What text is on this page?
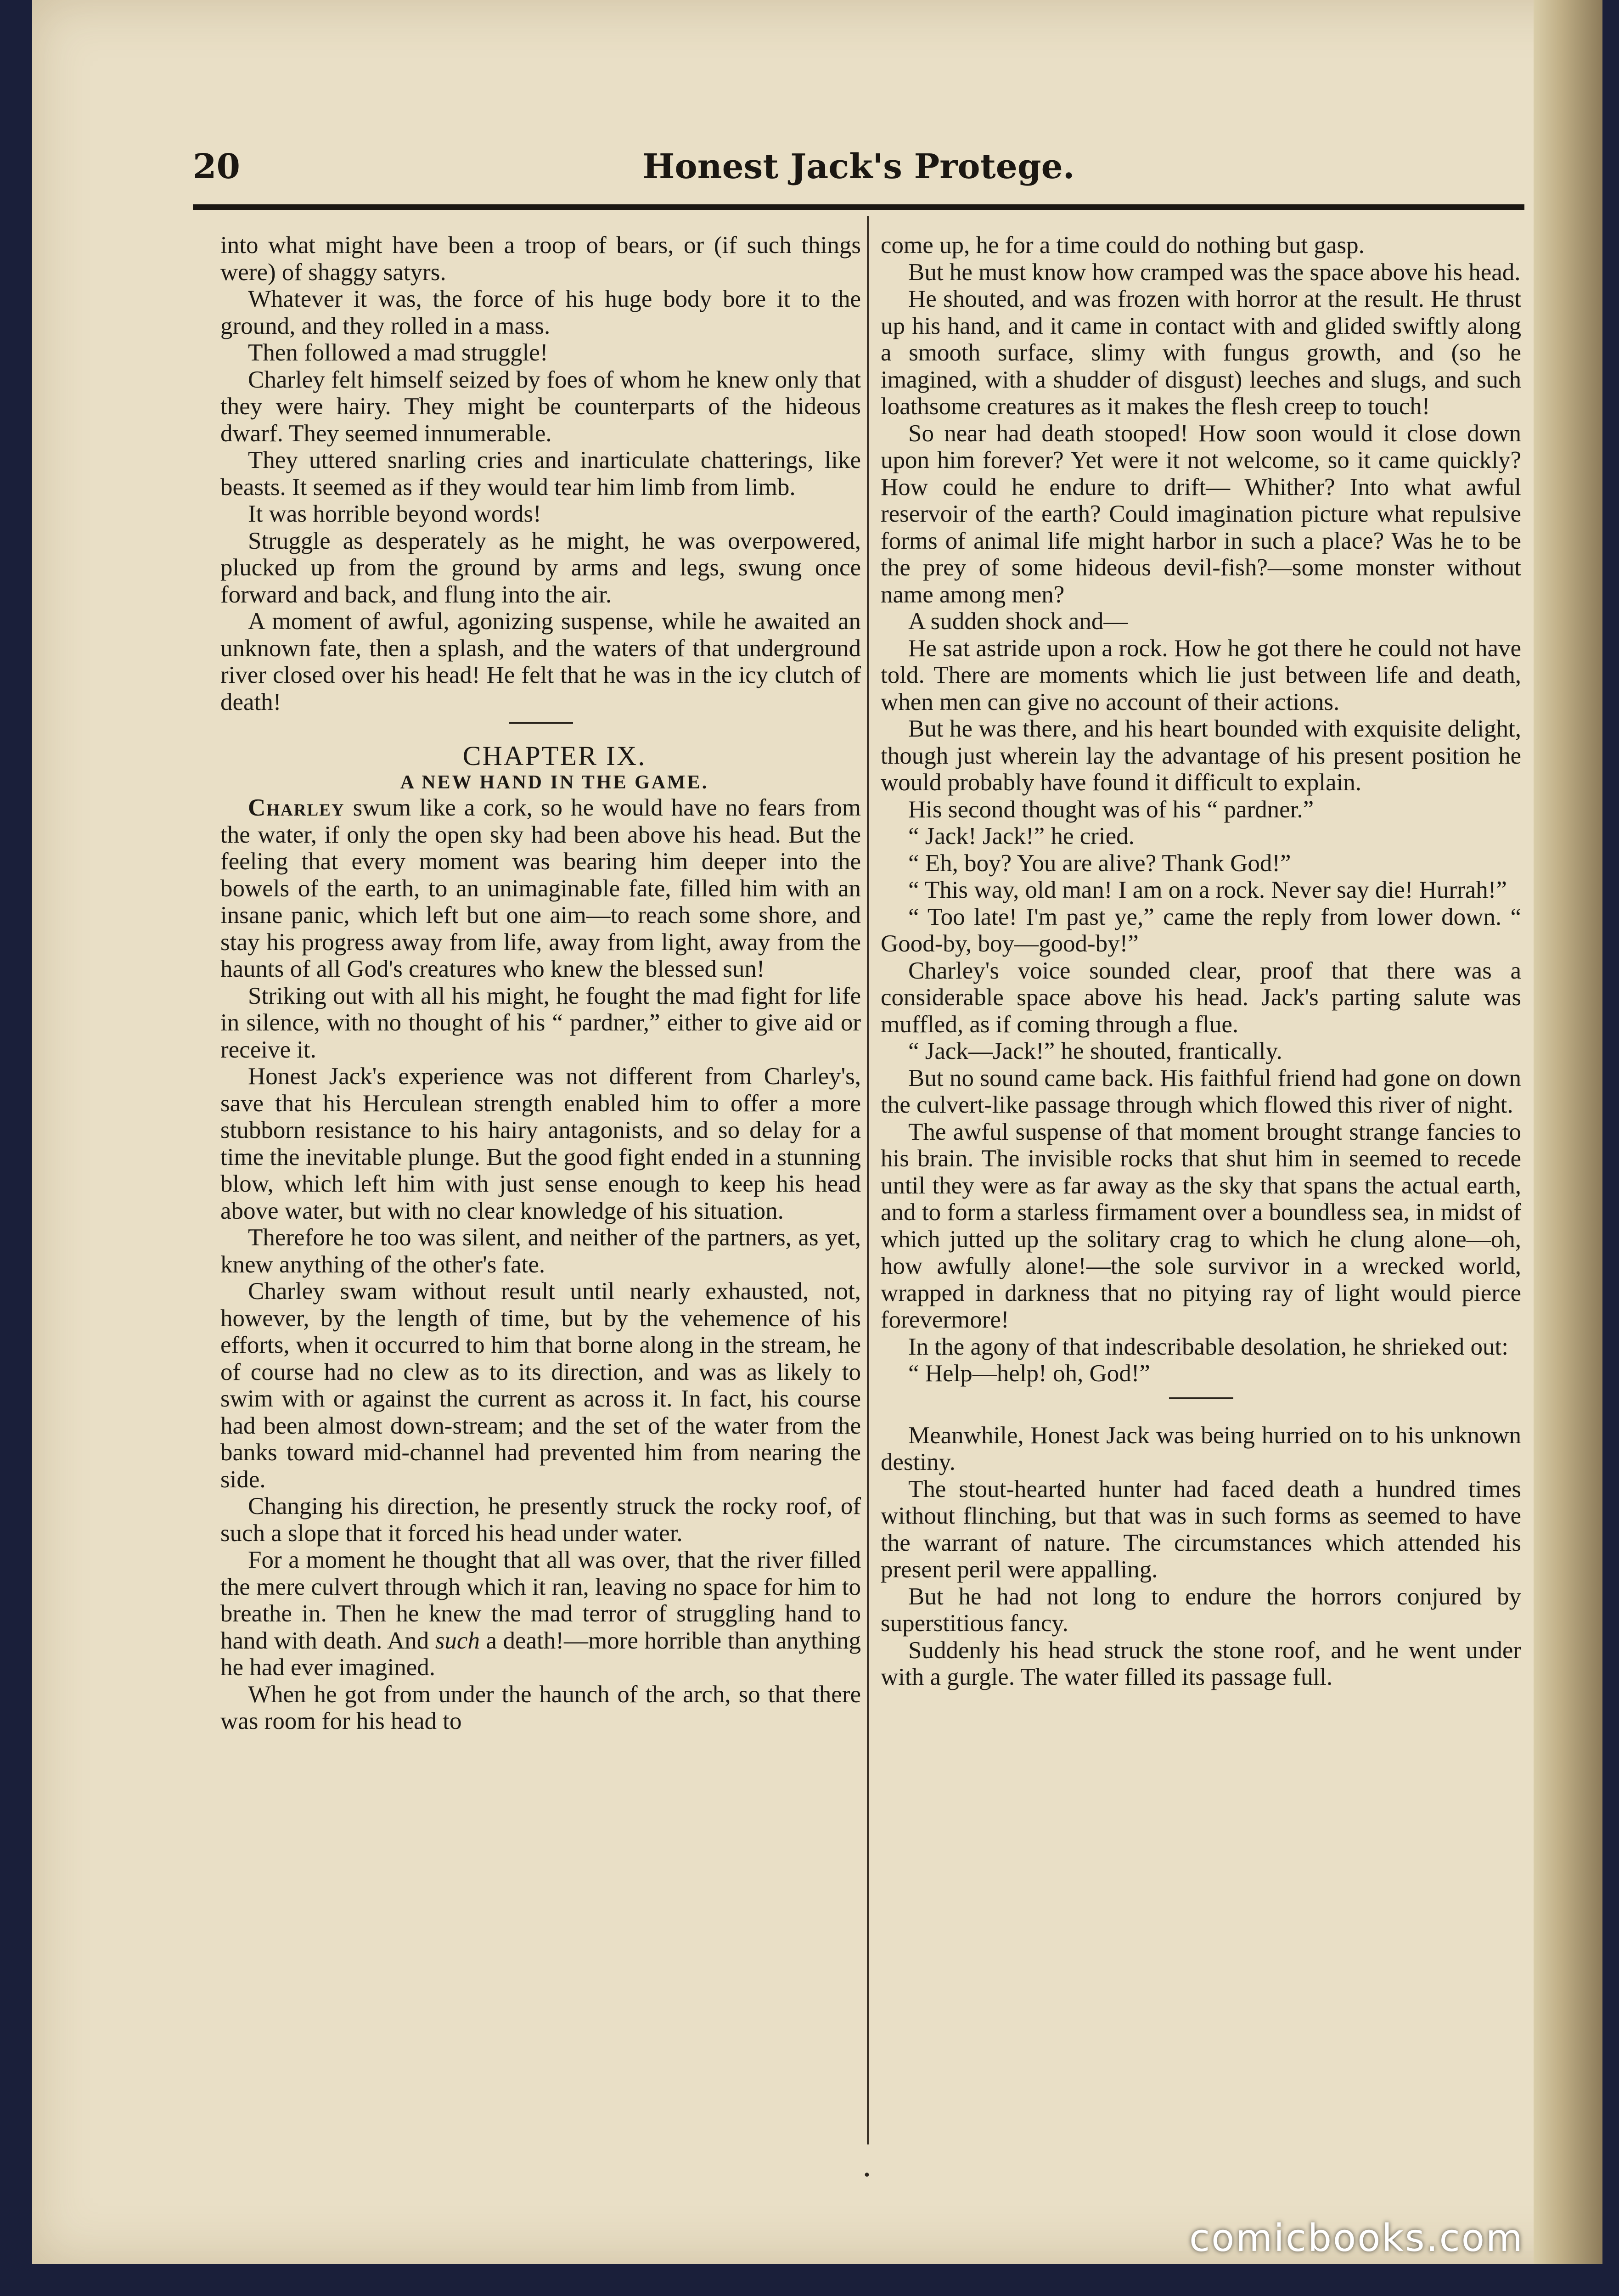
20	Honest Jack's Protege.

into what might have been a troop of bears, or (if such things were) of shaggy satyrs.

Whatever it was, the force of his huge body bore it to the ground, and they rolled in a mass.

Then followed a mad struggle!

Charley felt himself seized by foes of whom he knew only that they were hairy. They might be counterparts of the hideous dwarf. They seemed innumerable.

They uttered snarling cries and inarticulate chatterings, like beasts. It seemed as if they would tear him limb from limb.

It was horrible beyond words!

Struggle as desperately as he might, he was overpowered, plucked up from the ground by arms and legs, swung once forward and back, and flung into the air.

A moment of awful, agonizing suspense, while he awaited an unknown fate, then a splash, and the waters of that underground river closed over his head! He felt that he was in the icy clutch of death!

CHAPTER IX.

A NEW HAND IN THE GAME.

Charley swum like a cork, so he would have no fears from the water, if only the open sky had been above his head. But the feeling that every moment was bearing him deeper into the bowels of the earth, to an unimaginable fate, filled him with an insane panic, which left but one aim—to reach some shore, and stay his progress away from life, away from light, away from the haunts of all God's creatures who knew the blessed sun!

Striking out with all his might, he fought the mad fight for life in silence, with no thought of his “ pardner,” either to give aid or receive it.

Honest Jack's experience was not different from Charley's, save that his Herculean strength enabled him to offer a more stubborn resistance to his hairy antagonists, and so delay for a time the inevitable plunge. But the good fight ended in a stunning blow, which left him with just sense enough to keep his head above water, but with no clear knowledge of his situation.

Therefore he too was silent, and neither of the partners, as yet, knew anything of the other's fate.

Charley swam without result until nearly exhausted, not, however, by the length of time, but by the vehemence of his efforts, when it occurred to him that borne along in the stream, he of course had no clew as to its direction, and was as likely to swim with or against the current as across it. In fact, his course had been almost down-stream; and the set of the water from the banks toward mid-channel had prevented him from nearing the side.

Changing his direction, he presently struck the rocky roof, of such a slope that it forced his head under water.

For a moment he thought that all was over, that the river filled the mere culvert through which it ran, leaving no space for him to breathe in. Then he knew the mad terror of struggling hand to hand with death. And such a death!—more horrible than anything he had ever imagined.

When he got from under the haunch of the arch, so that there was room for his head to

come up, he for a time could do nothing but gasp.

But he must know how cramped was the space above his head.

He shouted, and was frozen with horror at the result. He thrust up his hand, and it came in contact with and glided swiftly along a smooth surface, slimy with fungus growth, and (so he imagined, with a shudder of disgust) leeches and slugs, and such loathsome creatures as it makes the flesh creep to touch!

So near had death stooped! How soon would it close down upon him forever? Yet were it not welcome, so it came quickly? How could he endure to drift— Whither? Into what awful reservoir of the earth? Could imagination picture what repulsive forms of animal life might harbor in such a place? Was he to be the prey of some hideous devil-fish?—some monster without name among men?

A sudden shock and—

He sat astride upon a rock. How he got there he could not have told. There are moments which lie just between life and death, when men can give no account of their actions.

But he was there, and his heart bounded with exquisite delight, though just wherein lay the advantage of his present position he would probably have found it difficult to explain.

His second thought was of his “ pardner.”

“ Jack! Jack!” he cried.

“ Eh, boy? You are alive? Thank God!”

“ This way, old man! I am on a rock. Never say die! Hurrah!”

“ Too late! I'm past ye,” came the reply from lower down. “ Good-by, boy—good-by!”

Charley's voice sounded clear, proof that there was a considerable space above his head. Jack's parting salute was muffled, as if coming through a flue.

“ Jack—Jack!” he shouted, frantically.

But no sound came back. His faithful friend had gone on down the culvert-like passage through which flowed this river of night.

The awful suspense of that moment brought strange fancies to his brain. The invisible rocks that shut him in seemed to recede until they were as far away as the sky that spans the actual earth, and to form a starless firmament over a boundless sea, in midst of which jutted up the solitary crag to which he clung alone—oh, how awfully alone!—the sole survivor in a wrecked world, wrapped in darkness that no pitying ray of light would pierce forevermore!

In the agony of that indescribable desolation, he shrieked out:

“ Help—help! oh, God!”

Meanwhile, Honest Jack was being hurried on to his unknown destiny.

The stout-hearted hunter had faced death a hundred times without flinching, but that was in such forms as seemed to have the warrant of nature. The circumstances which attended his present peril were appalling.

But he had not long to endure the horrors conjured by superstitious fancy.

Suddenly his head struck the stone roof, and he went under with a gurgle. The water filled its passage full.

•
comicbooks.com
